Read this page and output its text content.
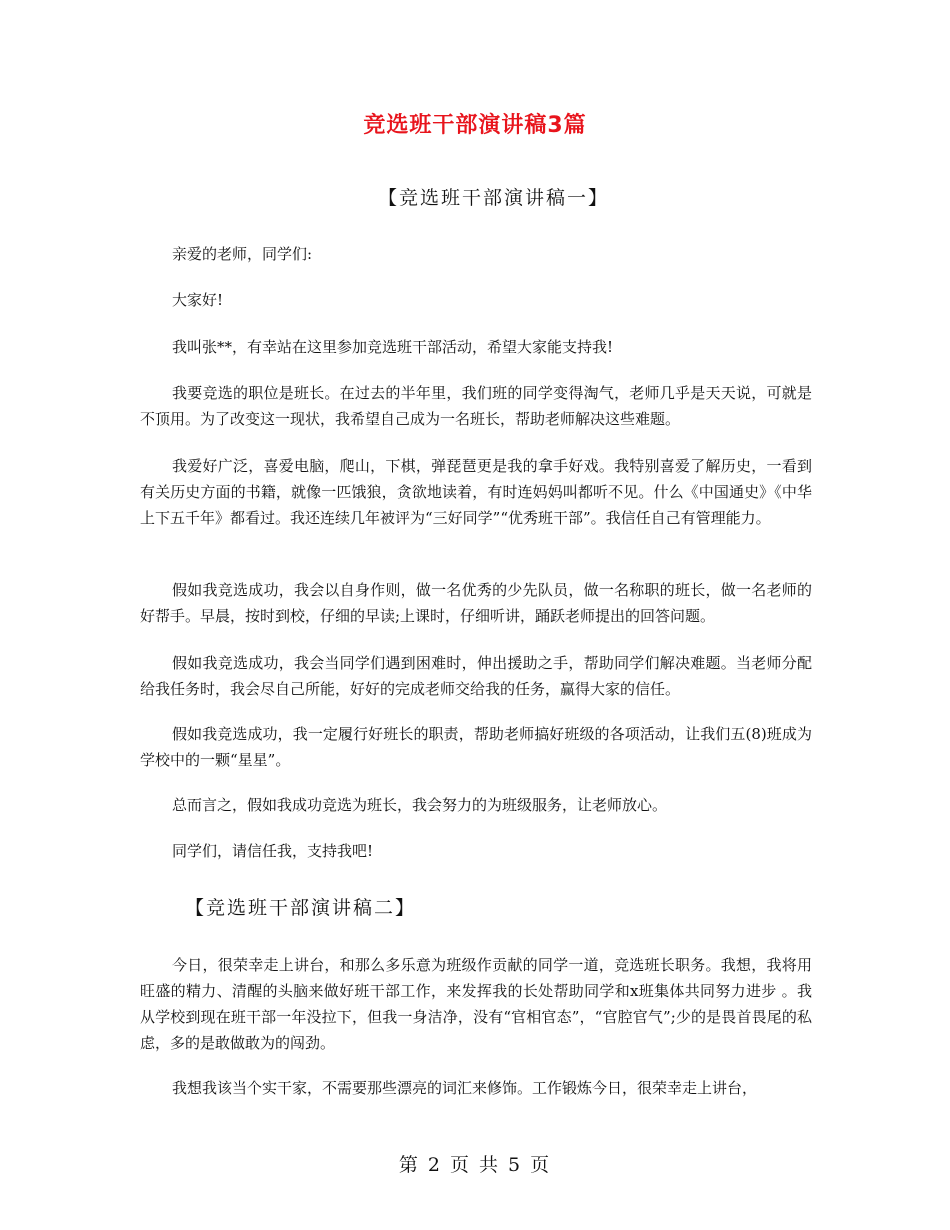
竞选班干部演讲稿3篇
【竞选班干部演讲稿一】
亲爱的老师，同学们:
大家好!
我叫张**，有幸站在这里参加竞选班干部活动，希望大家能支持我!
我要竞选的职位是班长。在过去的半年里，我们班的同学变得淘气，老师几乎是天天说，可就是不顶用。为了改变这一现状，我希望自己成为一名班长，帮助老师解决这些难题。
我爱好广泛，喜爱电脑，爬山，下棋，弹琵琶更是我的拿手好戏。我特别喜爱了解历史，一看到有关历史方面的书籍，就像一匹饿狼，贪欲地读着，有时连妈妈叫都听不见。什么《中国通史》《中华上下五千年》都看过。我还连续几年被评为“三好同学”“优秀班干部”。我信任自己有管理能力。
假如我竞选成功，我会以自身作则，做一名优秀的少先队员，做一名称职的班长，做一名老师的好帮手。早晨，按时到校，仔细的早读;上课时，仔细听讲，踊跃老师提出的回答问题。
假如我竞选成功，我会当同学们遇到困难时，伸出援助之手，帮助同学们解决难题。当老师分配给我任务时，我会尽自己所能，好好的完成老师交给我的任务，赢得大家的信任。
假如我竞选成功，我一定履行好班长的职责，帮助老师搞好班级的各项活动，让我们五(8)班成为学校中的一颗“星星”。
总而言之，假如我成功竞选为班长，我会努力的为班级服务，让老师放心。
同学们，请信任我，支持我吧!
【竞选班干部演讲稿二】
今日，很荣幸走上讲台，和那么多乐意为班级作贡献的同学一道，竞选班长职务。我想，我将用旺盛的精力、清醒的头脑来做好班干部工作，来发挥我的长处帮助同学和x班集体共同努力进步 。我从学校到现在班干部一年没拉下，但我一身洁净，没有“官相官态”，“官腔官气”;少的是畏首畏尾的私虑，多的是敢做敢为的闯劲。
我想我该当个实干家，不需要那些漂亮的词汇来修饰。工作锻炼今日，很荣幸走上讲台，
第 2 页 共 5 页
